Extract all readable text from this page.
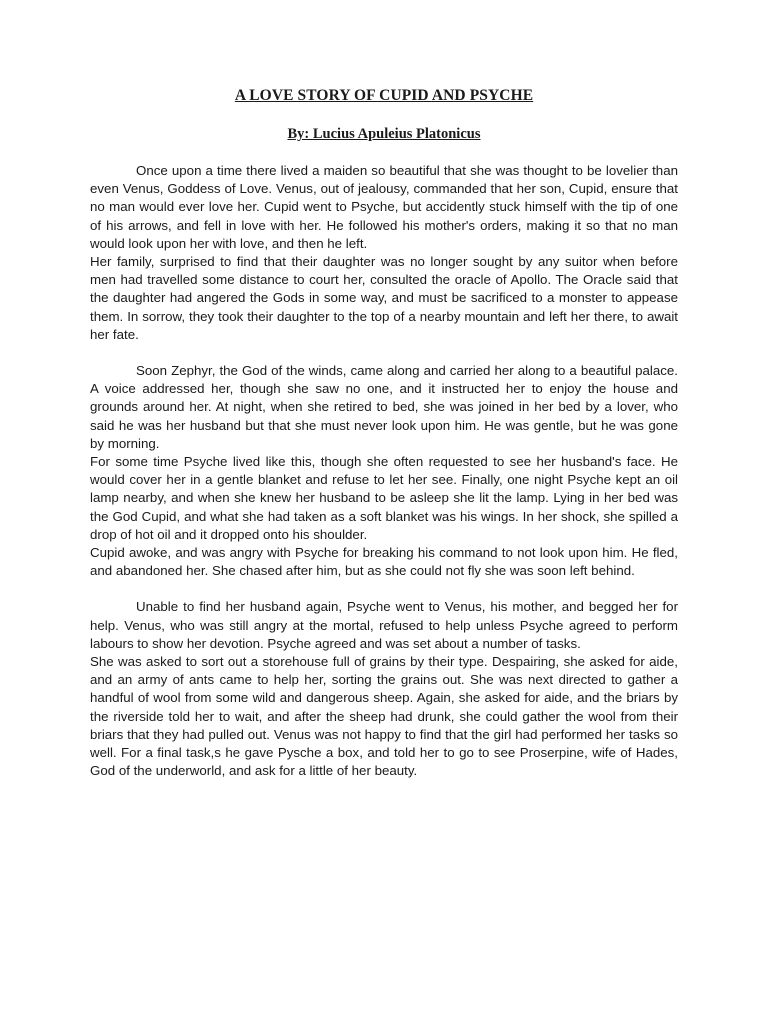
A LOVE STORY OF CUPID AND PSYCHE
By: Lucius Apuleius Platonicus

Once upon a time there lived a maiden so beautiful that she was thought to be lovelier than even Venus, Goddess of Love. Venus, out of jealousy, commanded that her son, Cupid, ensure that no man would ever love her. Cupid went to Psyche, but accidently stuck himself with the tip of one of his arrows, and fell in love with her. He followed his mother's orders, making it so that no man would look upon her with love, and then he left.

Her family, surprised to find that their daughter was no longer sought by any suitor when before men had travelled some distance to court her, consulted the oracle of Apollo. The Oracle said that the daughter had angered the Gods in some way, and must be sacrificed to a monster to appease them. In sorrow, they took their daughter to the top of a nearby mountain and left her there, to await her fate.

Soon Zephyr, the God of the winds, came along and carried her along to a beautiful palace. A voice addressed her, though she saw no one, and it instructed her to enjoy the house and grounds around her. At night, when she retired to bed, she was joined in her bed by a lover, who said he was her husband but that she must never look upon him. He was gentle, but he was gone by morning.

For some time Psyche lived like this, though she often requested to see her husband's face. He would cover her in a gentle blanket and refuse to let her see. Finally, one night Psyche kept an oil lamp nearby, and when she knew her husband to be asleep she lit the lamp. Lying in her bed was the God Cupid, and what she had taken as a soft blanket was his wings. In her shock, she spilled a drop of hot oil and it dropped onto his shoulder.

Cupid awoke, and was angry with Psyche for breaking his command to not look upon him. He fled, and abandoned her. She chased after him, but as she could not fly she was soon left behind.

Unable to find her husband again, Psyche went to Venus, his mother, and begged her for help. Venus, who was still angry at the mortal, refused to help unless Psyche agreed to perform labours to show her devotion. Psyche agreed and was set about a number of tasks.

She was asked to sort out a storehouse full of grains by their type. Despairing, she asked for aide, and an army of ants came to help her, sorting the grains out. She was next directed to gather a handful of wool from some wild and dangerous sheep. Again, she asked for aide, and the briars by the riverside told her to wait, and after the sheep had drunk, she could gather the wool from their briars that they had pulled out. Venus was not happy to find that the girl had performed her tasks so well. For a final task,s he gave Pysche a box, and told her to go to see Proserpine, wife of Hades, God of the underworld, and ask for a little of her beauty.
